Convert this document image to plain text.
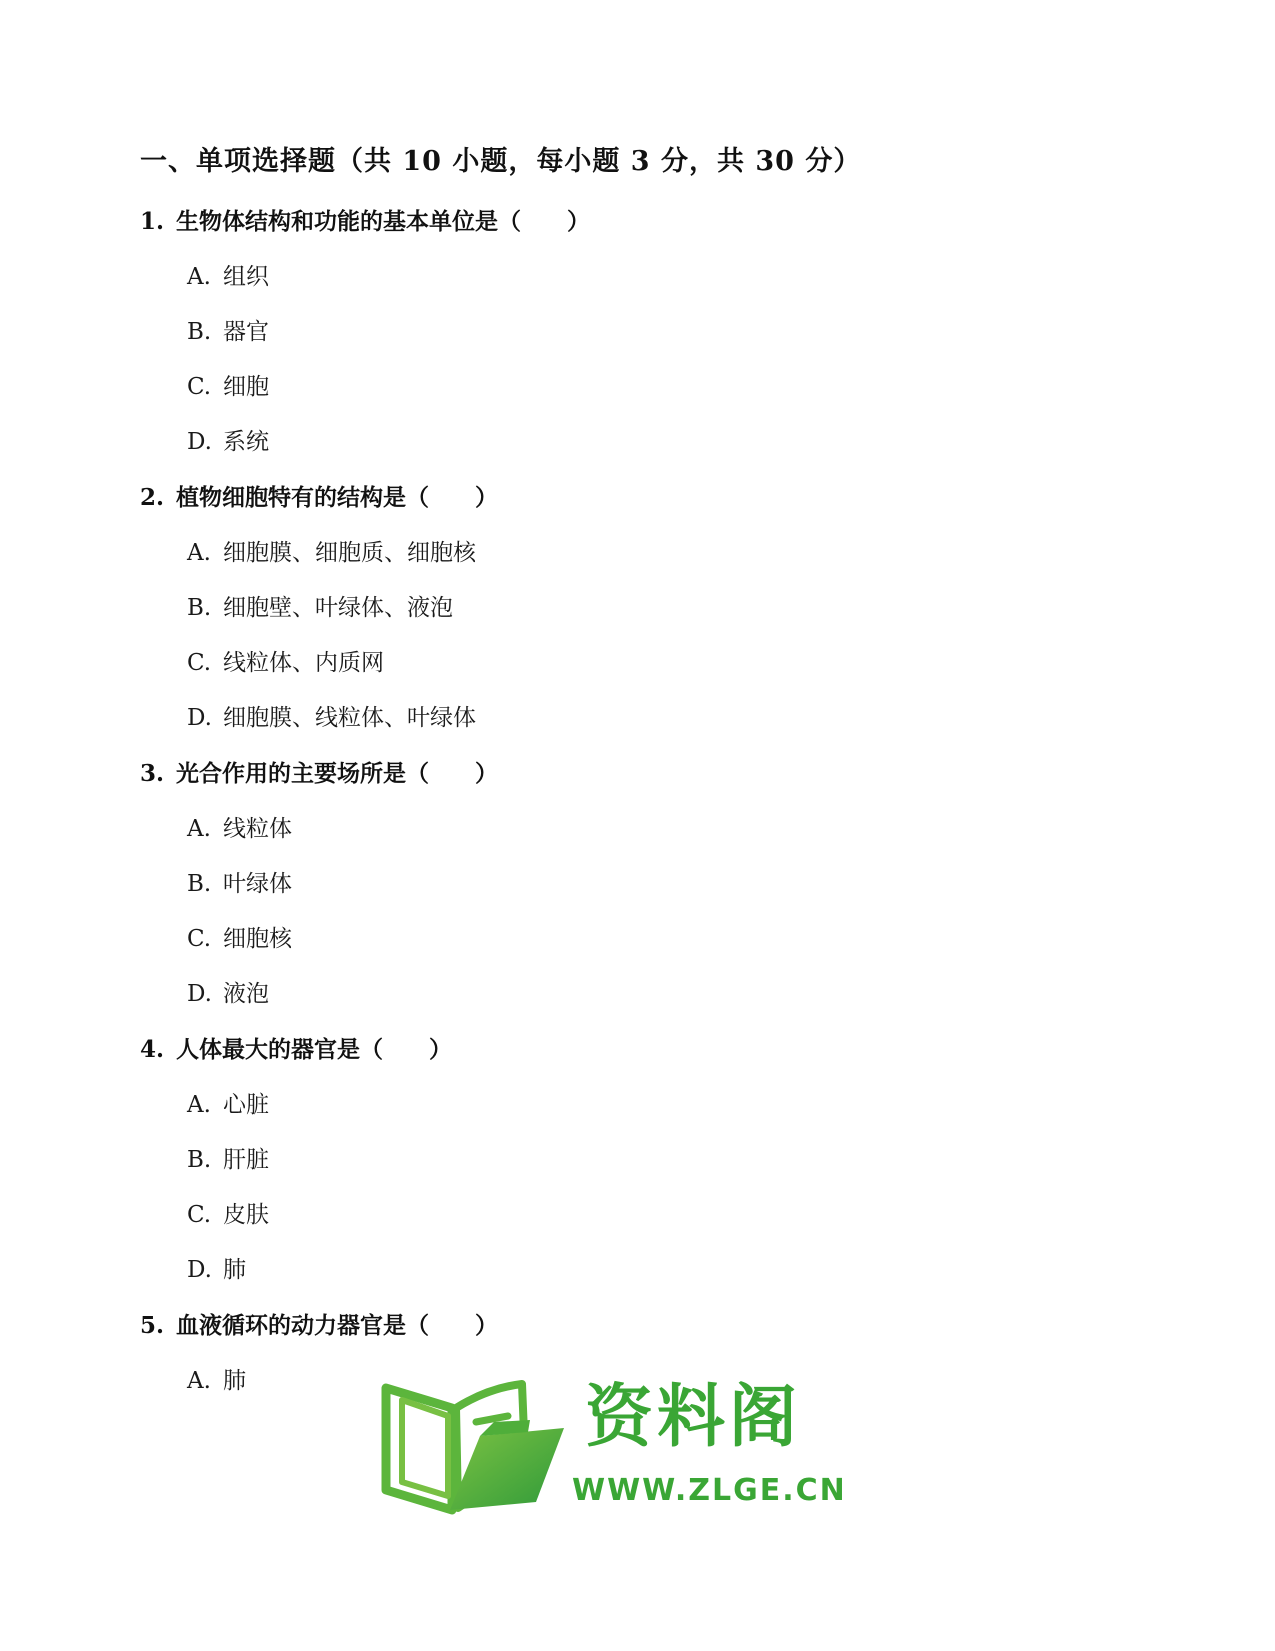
一、单项选择题（共 10 小题，每小题 3 分，共 30 分）
1. 生物体结构和功能的基本单位是（　　）
A. 组织
B. 器官
C. 细胞
D. 系统
2. 植物细胞特有的结构是（　　）
A. 细胞膜、细胞质、细胞核
B. 细胞壁、叶绿体、液泡
C. 线粒体、内质网
D. 细胞膜、线粒体、叶绿体
3. 光合作用的主要场所是（　　）
A. 线粒体
B. 叶绿体
C. 细胞核
D. 液泡
4. 人体最大的器官是（　　）
A. 心脏
B. 肝脏
C. 皮肤
D. 肺
5. 血液循环的动力器官是（　　）
A. 肺	资料阁
WWW.ZLGE.CN
